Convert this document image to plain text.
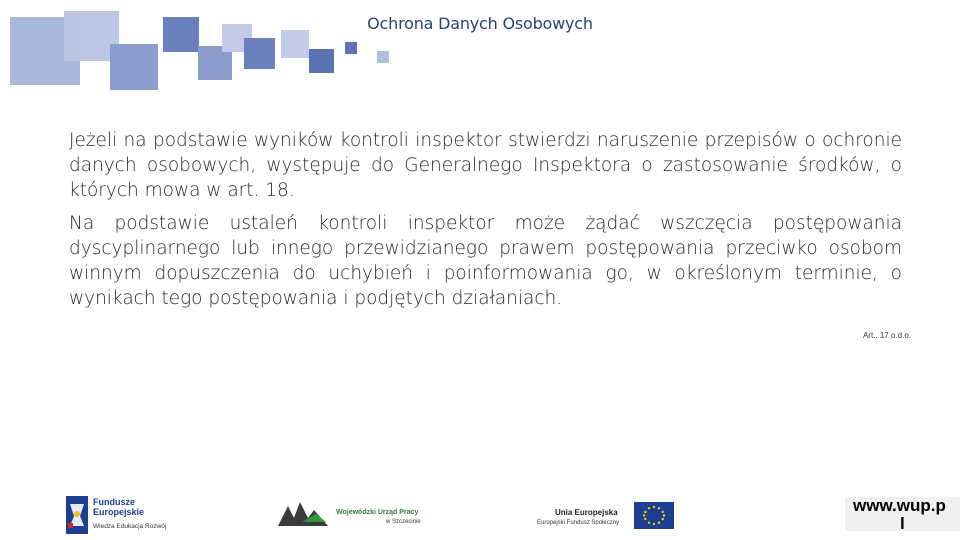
Ochrona Danych Osobowych

Jeżeli na podstawie wyników kontroli inspektor stwierdzi naruszenie przepisów o ochronie danych osobowych, występuje do Generalnego Inspektora o zastosowanie środków, o których mowa w art. 18.

Na podstawie ustaleń kontroli inspektor może żądać wszczęcia postępowania dyscyplinarnego lub innego przewidzianego prawem postępowania przeciwko osobom winnym dopuszczenia do uchybień i poinformowania go, w określonym terminie, o wynikach tego postępowania i podjętych działaniach.

Art.. 17 o.d.o.
Fundusze
Europejskie
Wiedza Edukacja Rozwój
Wojewódzki Urząd Pracy
w Szczecinie
Unia Europejska
Europejski Fundusz Społeczny
www.wup.p
l
